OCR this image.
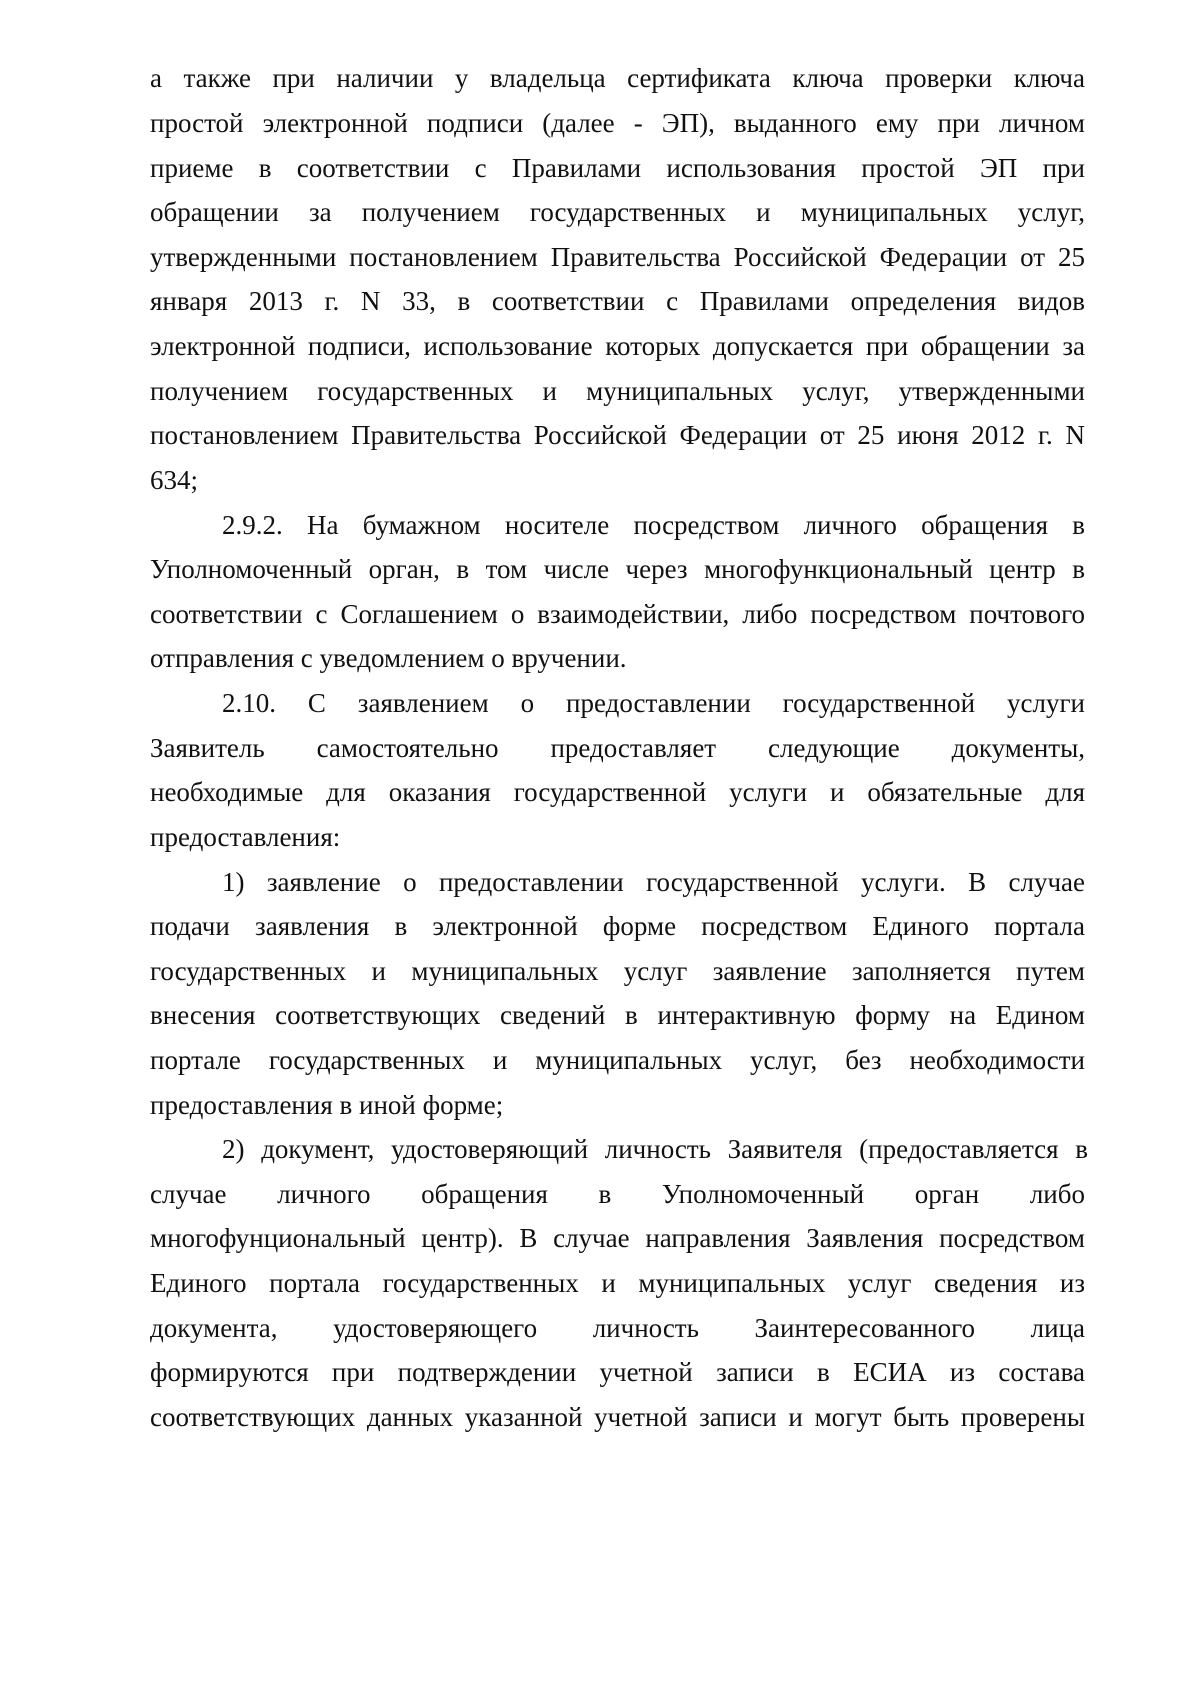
а также при наличии у владельца сертификата ключа проверки ключа
простой электронной подписи (далее - ЭП), выданного ему при личном
приеме в соответствии с Правилами использования простой ЭП при
обращении за получением государственных и муниципальных услуг,
утвержденными постановлением Правительства Российской Федерации от 25
января 2013 г. N 33, в соответствии с Правилами определения видов
электронной подписи, использование которых допускается при обращении за
получением государственных и муниципальных услуг, утвержденными
постановлением Правительства Российской Федерации от 25 июня 2012 г. N
634;
2.9.2. На бумажном носителе посредством личного обращения в
Уполномоченный орган, в том числе через многофункциональный центр в
соответствии с Соглашением о взаимодействии, либо посредством почтового
отправления с уведомлением о вручении.
2.10. С заявлением о предоставлении государственной услуги
Заявитель самостоятельно предоставляет следующие документы,
необходимые для оказания государственной услуги и обязательные для
предоставления:
1) заявление о предоставлении государственной услуги. В случае
подачи заявления в электронной форме посредством Единого портала
государственных и муниципальных услуг заявление заполняется путем
внесения соответствующих сведений в интерактивную форму на Едином
портале государственных и муниципальных услуг, без необходимости
предоставления в иной форме;
2) документ, удостоверяющий личность Заявителя (предоставляется в
случае личного обращения в Уполномоченный орган либо
многофунциональный центр). В случае направления Заявления посредством
Единого портала государственных и муниципальных услуг сведения из
документа, удостоверяющего личность Заинтересованного лица
формируются при подтверждении учетной записи в ЕСИА из состава
соответствующих данных указанной учетной записи и могут быть проверены
